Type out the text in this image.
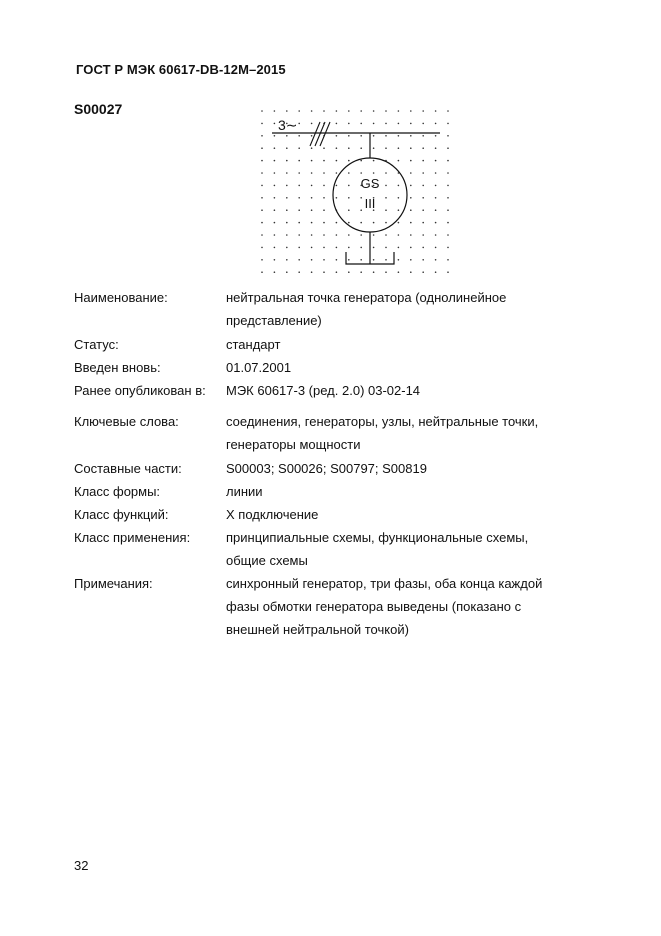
ГОСТ Р МЭК 60617-DB-12M–2015
S00027
3∼
GS
III
Наименование:	нейтральная точка генератора (однолинейное
представление)
Статус:	стандарт
Введен вновь:	01.07.2001
Ранее опубликован в: МЭК 60617-3 (ред. 2.0) 03-02-14
Ключевые слова:	соединения, генераторы, узлы, нейтральные точки,
генераторы мощности
Составные части:	S00003; S00026; S00797; S00819
Класс формы:	линии
Класс функций:	X подключение
Класс применения:	принципиальные схемы, функциональные схемы,
общие схемы
Примечания:	синхронный генератор, три фазы, оба конца каждой
фазы обмотки генератора выведены (показано с
внешней нейтральной точкой)
32
